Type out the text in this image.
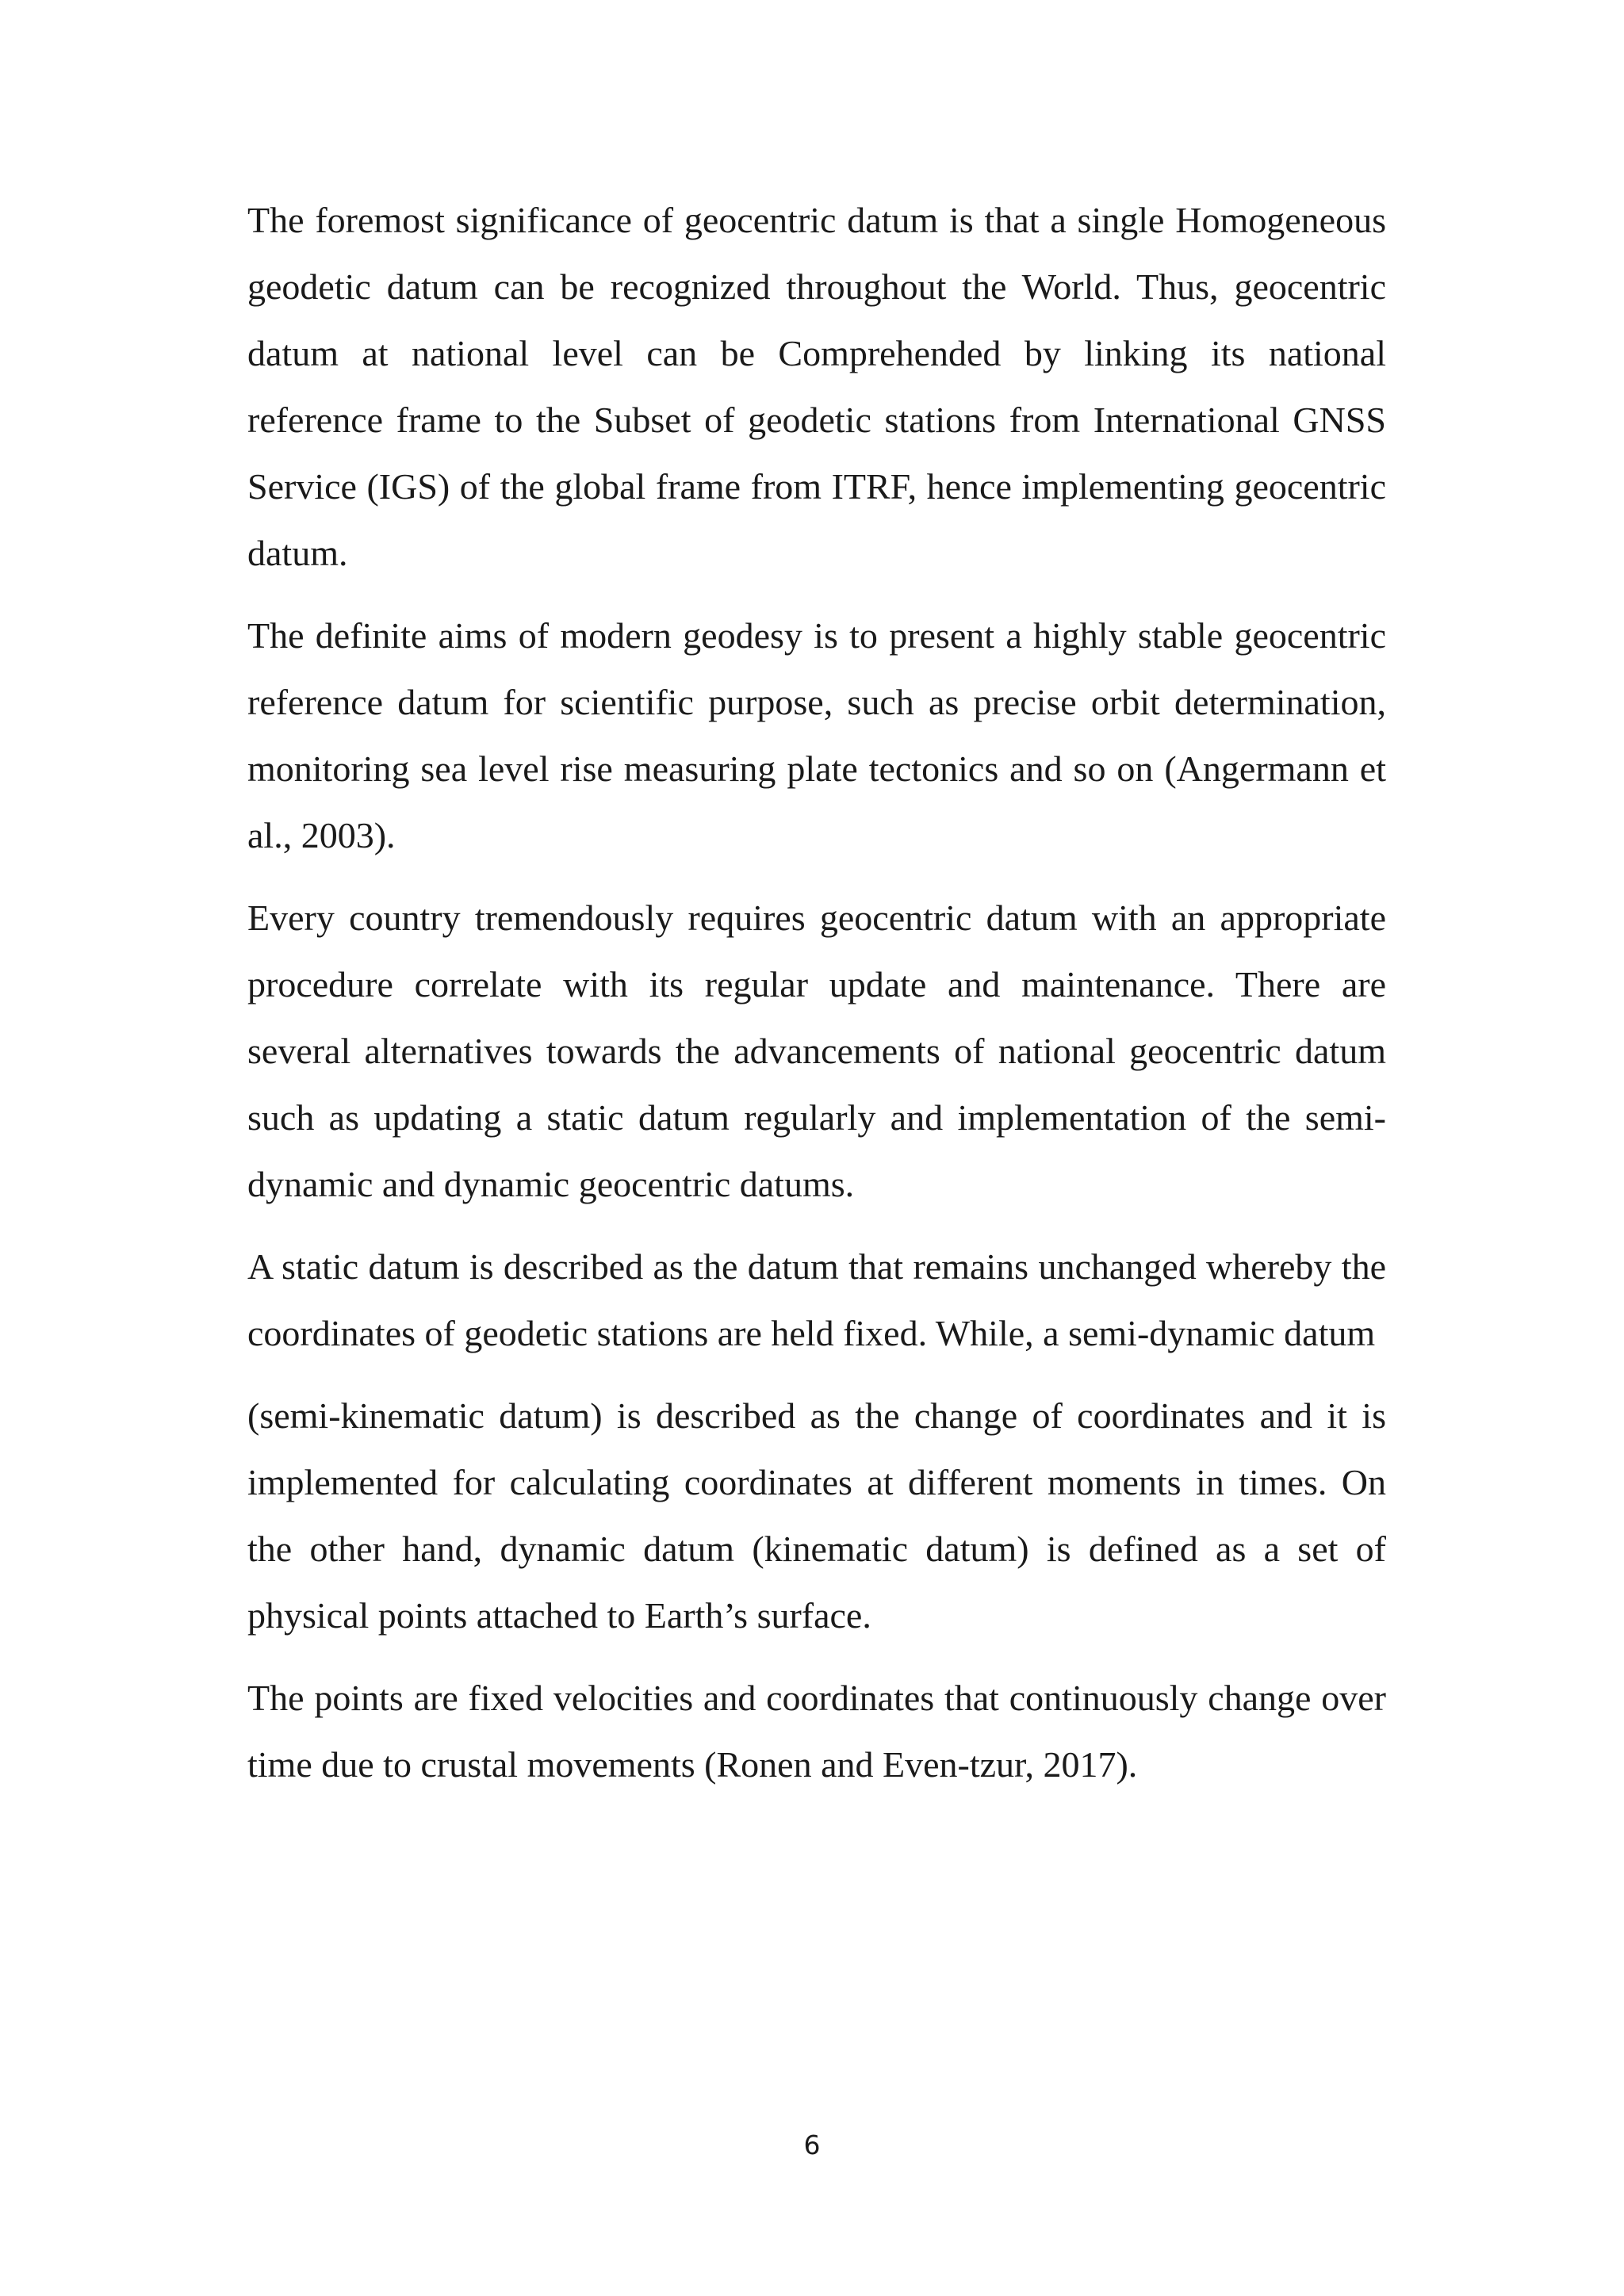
The foremost significance of geocentric datum is that a single Homogeneous geodetic datum can be recognized throughout the World. Thus, geocentric datum at national level can be Comprehended by linking its national reference frame to the Subset of geodetic stations from International GNSS Service (IGS) of the global frame from ITRF, hence implementing geocentric datum.

The definite aims of modern geodesy is to present a highly stable geocentric reference datum for scientific purpose, such as precise orbit determination, monitoring sea level rise measuring plate tectonics and so on (Angermann et al., 2003).

Every country tremendously requires geocentric datum with an appropriate procedure correlate with its regular update and maintenance. There are several alternatives towards the advancements of national geocentric datum such as updating a static datum regularly and implementation of the semi-dynamic and dynamic geocentric datums.

A static datum is described as the datum that remains unchanged whereby the coordinates of geodetic stations are held fixed. While, a semi-dynamic datum

(semi-kinematic datum) is described as the change of coordinates and it is implemented for calculating coordinates at different moments in times. On the other hand, dynamic datum (kinematic datum) is defined as a set of physical points attached to Earth’s surface.

The points are fixed velocities and coordinates that continuously change over time due to crustal movements (Ronen and Even-tzur, 2017).

6
